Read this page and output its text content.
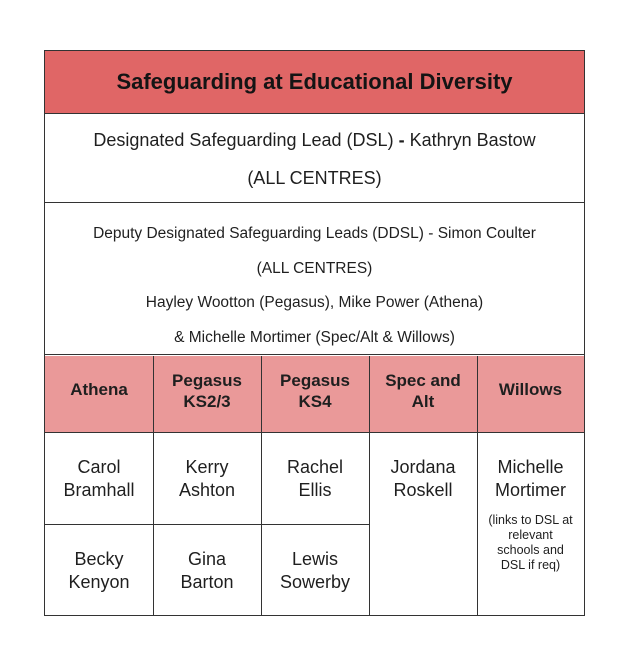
Safeguarding at Educational Diversity
Designated Safeguarding Lead (DSL) - Kathryn Bastow
(ALL CENTRES)
Deputy Designated Safeguarding Leads (DDSL) - Simon Coulter
(ALL CENTRES)
Hayley Wootton (Pegasus), Mike Power (Athena)
& Michelle Mortimer (Spec/Alt & Willows)
Athena	Pegasus
KS2/3
Pegasus
KS4
Spec and
Alt
Willows
Carol
Bramhall
Kerry
Ashton
Rachel
Ellis
Jordana
Roskell
Michelle
Mortimer
(links to DSL at
relevant
schools and
DSL if req)
Becky
Kenyon
Gina
Barton
Lewis
Sowerby
